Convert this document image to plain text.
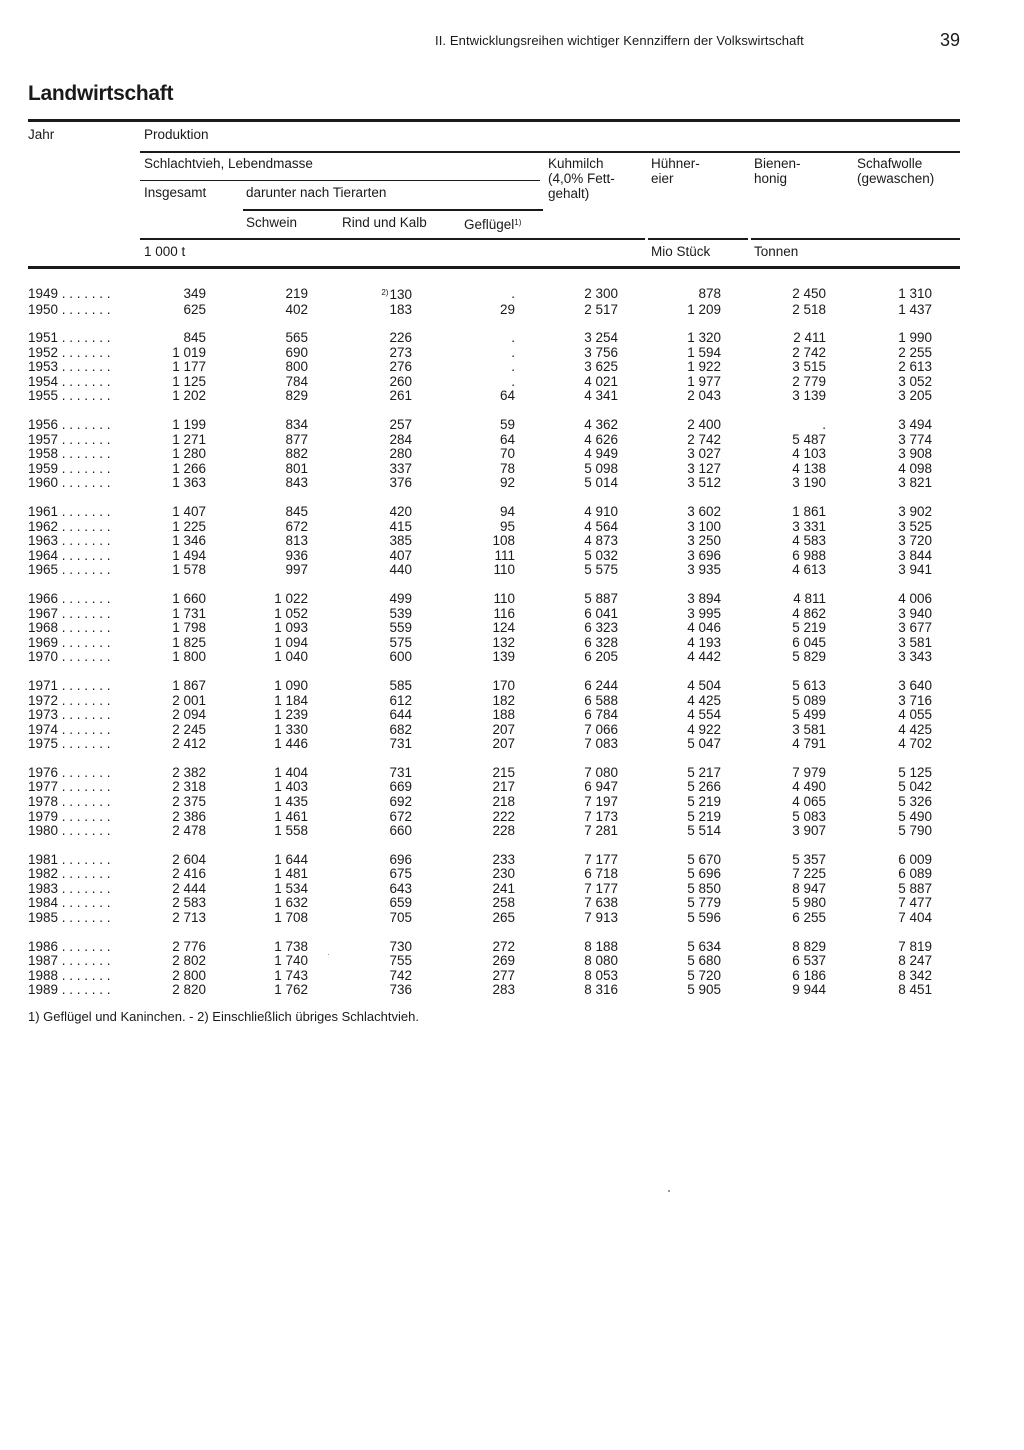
II. Entwicklungsreihen wichtiger Kennziffern der Volkswirtschaft	39
Landwirtschaft
Jahr	Produktion
Schlachtvieh, Lebendmasse
Insgesamt	darunter nach Tierarten
Schwein	Rind und Kalb	Geflügel$^{1)}$
Kuhmilch
(4,0% Fett-
gehalt)
Hühner-
eier
Bienen-
honig
Schafwolle
(gewaschen)
1 000 t	Mio Stück	Tonnen
1949 . . . . . . .	349	219	$^{2)}$130	.	2 300	878	2 450	1 310
1950 . . . . . . .	625	402	183	29	2 517	1 209	2 518	1 437

1951 . . . . . . .	845	565	226	.	3 254	1 320	2 411	1 990
1952 . . . . . . .	1 019	690	273	.	3 756	1 594	2 742	2 255
1953 . . . . . . .	1 177	800	276	.	3 625	1 922	3 515	2 613
1954 . . . . . . .	1 125	784	260	.	4 021	1 977	2 779	3 052
1955 . . . . . . .	1 202	829	261	64	4 341	2 043	3 139	3 205

1956 . . . . . . .	1 199	834	257	59	4 362	2 400	.	3 494
1957 . . . . . . .	1 271	877	284	64	4 626	2 742	5 487	3 774
1958 . . . . . . .	1 280	882	280	70	4 949	3 027	4 103	3 908
1959 . . . . . . .	1 266	801	337	78	5 098	3 127	4 138	4 098
1960 . . . . . . .	1 363	843	376	92	5 014	3 512	3 190	3 821

1961 . . . . . . .	1 407	845	420	94	4 910	3 602	1 861	3 902
1962 . . . . . . .	1 225	672	415	95	4 564	3 100	3 331	3 525
1963 . . . . . . .	1 346	813	385	108	4 873	3 250	4 583	3 720
1964 . . . . . . .	1 494	936	407	111	5 032	3 696	6 988	3 844
1965 . . . . . . .	1 578	997	440	110	5 575	3 935	4 613	3 941

1966 . . . . . . .	1 660	1 022	499	110	5 887	3 894	4 811	4 006
1967 . . . . . . .	1 731	1 052	539	116	6 041	3 995	4 862	3 940
1968 . . . . . . .	1 798	1 093	559	124	6 323	4 046	5 219	3 677
1969 . . . . . . .	1 825	1 094	575	132	6 328	4 193	6 045	3 581
1970 . . . . . . .	1 800	1 040	600	139	6 205	4 442	5 829	3 343

1971 . . . . . . .	1 867	1 090	585	170	6 244	4 504	5 613	3 640
1972 . . . . . . .	2 001	1 184	612	182	6 588	4 425	5 089	3 716
1973 . . . . . . .	2 094	1 239	644	188	6 784	4 554	5 499	4 055
1974 . . . . . . .	2 245	1 330	682	207	7 066	4 922	3 581	4 425
1975 . . . . . . .	2 412	1 446	731	207	7 083	5 047	4 791	4 702

1976 . . . . . . .	2 382	1 404	731	215	7 080	5 217	7 979	5 125
1977 . . . . . . .	2 318	1 403	669	217	6 947	5 266	4 490	5 042
1978 . . . . . . .	2 375	1 435	692	218	7 197	5 219	4 065	5 326
1979 . . . . . . .	2 386	1 461	672	222	7 173	5 219	5 083	5 490
1980 . . . . . . .	2 478	1 558	660	228	7 281	5 514	3 907	5 790

1981 . . . . . . .	2 604	1 644	696	233	7 177	5 670	5 357	6 009
1982 . . . . . . .	2 416	1 481	675	230	6 718	5 696	7 225	6 089
1983 . . . . . . .	2 444	1 534	643	241	7 177	5 850	8 947	5 887
1984 . . . . . . .	2 583	1 632	659	258	7 638	5 779	5 980	7 477
1985 . . . . . . .	2 713	1 708	705	265	7 913	5 596	6 255	7 404

1986 . . . . . . .	2 776	1 738	730	272	8 188	5 634	8 829	7 819
1987 . . . . . . .	2 802	1 740	755	269	8 080	5 680	6 537	8 247
1988 . . . . . . .	2 800	1 743	742	277	8 053	5 720	6 186	8 342
1989 . . . . . . .	2 820	1 762	736	283	8 316	5 905	9 944	8 451
1) Geflügel und Kaninchen. - 2) Einschließlich übriges Schlachtvieh.
